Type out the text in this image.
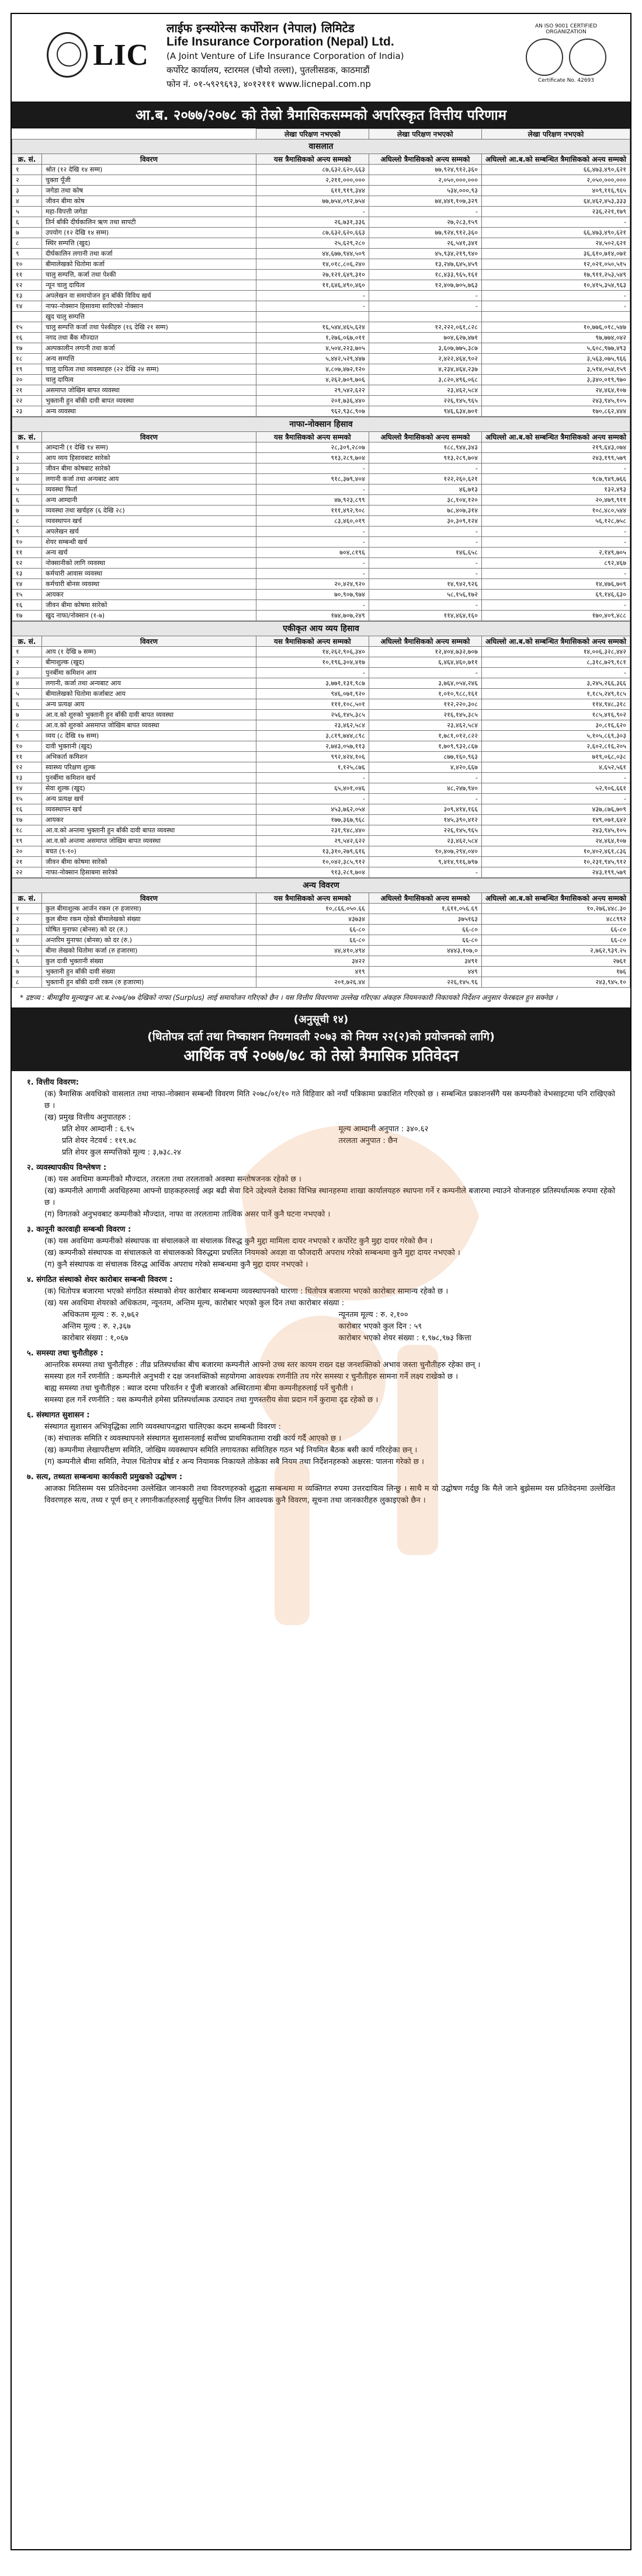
LIC
लाईफ इन्स्योरेन्स कर्पोरेशन (नेपाल) लिमिटेड
Life Insurance Corporation (Nepal) Ltd.
(A Joint Venture of Life Insurance Corporation of India)
कर्पोरेट कार्यालय, स्टारमल (चौथो तल्ला), पुतलीसडक, काठमाडौं
फोन नं. ०१-५९२९६९३, ४०१२१११ www.licnepal.com.np
AN ISO 9001 CERTIFIED ORGANIZATION

Certificate No. 42693
आ.ब. २०७७/२०७८ को तेस्रो त्रैमासिकसम्मको अपरिस्कृत वित्तीय परिणाम
		लेखा परिक्षण नभएको	लेखा परिक्षण नभएको	लेखा परिक्षण नभएको
वासलात				
क्र. सं.	विवरण	यस त्रैमासिकको अन्त्य सम्मको	अघिल्लो त्रैमासिकको अन्त्य सम्मको	अघिल्लो आ.ब.को सम्बन्धित त्रैमासिकको अन्त्य सम्मको
१	श्रोत (१२ देखि १४ सम्म)	८७,६३२,६२०,६६३	७७,९२४,९१२,३६०	६६,४७३,४९०,६२१
२	चुक्ता पूँजी	२,२११,०००,०००	२,०५०,०००,०००	२,०५०,०००,०००
३	जगेडा तथा कोष	६११,९१९,३४४	५३४,०००,९३	४०९,११६,९६५
४	जीवन बीमा कोष	७७,७५४,०९२,७५४	७४,४४१,१०७,३२९	६४,४६२,४५३,३३३
५	महा-विपत्ती जगेडा	-	-	२३६,२२१,१७९
६	तिर्न बाँकी दीर्घकालिन ऋण तथा सापटी	२६,७३१,३३६	२७,२८३,१५९	-
७	उपयोग (१२ देखि १४ सम्म)	८७,६३२,६२०,६६३	७७,९२४,९१२,३६०	६६,४७३,४९०,६२१
८	स्थिर सम्पत्ति (खुद)	२५,६२९,२८०	२६,५४१,३४१	२४,५०२,६२१
९	दीर्घकालिन लगानी तथा कर्जा	४४,६७७,९४४,५०९	४५,९३४,२१९,९४०	३६,६१०,७१४,०७१
१०	बीमालेखको धितोमा कर्जा	१४,०१८,८०६,२४०	१३,२४७,६४५,४५९	१२,०२१,०५०,५१५
११	चालु सम्पत्ति, कर्जा तथा पेश्की	२७,१२१,६४९,३१०	१८,४३३,९६५,१६१	१७,९११,२५३,५४९
१२	न्यून चालु दायित्व	११,६४६,४९०,४६०	१२,४०७,७०५,७६३	१०,४१५,३५४,९६३
१३	अपलेखन वा समायोजन हुन बाँकी विविध खर्च	-	-	-
१४	नाफा-नोक्सान हिसावमा सारिएको नोक्सान	-	-	-
	खुद चालु सम्पत्ति			
१५	चालु सम्पत्ति कर्जा तथा पेश्कीहरु (१६ देखि २१ सम्म)	१६,५४४,४६५,६२४	१२,२२२,०६१,८२८	१०,७७६,०१८,५४७
१६	नगद तथा बैंक मौज्दात	१,२७६,०६७,०११	७०४,६२७,४७१	९७,७७४,०४२
१७	अल्पकालीन लगानी तथा कर्जा	४,५०४,२२३,७०५	३,६०७,७७५,३८७	५,६०८,९७७,४९३
१८	अन्य सम्पत्ति	५,४४२,५२९,४४७	२,४२२,४६४,९०२	३,५६३,०७५,९६६
१९	चालु दायित्व तथा व्यवस्थाहरु (२२ देखि २४ सम्म)	४,८०७,४७२,१२०	४,२३४,४६४,२३७	३,५१४,०५४,१५९
२०	चालु दायित्व	४,२६२,७०९,७०६	३,८२०,४९६,०६८	३,३४०,०१९,९७०
२१	असमाप्त जोखिम बापत व्यवस्था	२९,५४२,६२२	२३,४६२,५८४	२४,४६४,१०७
२२	भुक्तानी हुन बाँकी दावी बापत व्यवस्था	२०१,७३६,४४०	२२६,१४५,९६५	२४३,९४५,१०५
२३	अन्य व्यवस्था	९६२,९३८,९०७	९४६,६३४,७०१	१७०,८६२,४४४
नाफा-नोक्सान हिसाव				
क्र. सं.	विवरण	यस त्रैमासिकको अन्त्य सम्मको	अघिल्लो त्रैमासिकको अन्त्य सम्मको	अघिल्लो आ.ब.को सम्बन्धित त्रैमासिकको अन्त्य सम्मको
१	आम्दानी (१ देखि १४ सम्म)	२८,३०९,२८०७	१८८,९४४,३४३	२१९,६४३,०७४
२	आय व्यय हिसावबाट सारेको	९१३,२८९,७०४	९१३,२८९,७०४	२४३,१९९,५७९
३	जीवन बीमा कोषबाट सारेको	-	-	-
४	लगानी कर्जा तथा अन्यबाट आय	९१८,३७९,४०४	१२२,२६०,६२१	९८७,९४९,७६६
५	व्यवस्था फिर्ता	-	४६,७१३	१३२,४९३
६	अन्य आम्दानी	४७,९२३,८९९	३८,१०४,१२०	२०,४७९,९११
७	व्यवस्था तथा खर्चहरु (६ देखि २८)	१११,४९२,९०८	७८,४०७,३१४	१०८,४८०,५४४
८	व्यवस्थापन खर्च	८३,४६०,०१९	३०,३०९,१२४	५६,१२८,७५८
९	अपलेखन खर्च	-	-	-
१०	शेयर सम्बन्धी खर्च	-	-	-
११	अन्य खर्च	७०४,८१९६	१४६,६५८	२,१४९,७०५
१२	नोक्सानीको लागि व्यवस्था	-	-	८९२,४६७
१३	कर्मचारी आवास व्यवस्था	-	-	-
१४	कर्मचारी बोनस व्यवस्था	२०,४२४,९२०	१४,९४२,९२६	१४,४७६,७०९
१५	आयकर	७०,९०७,९७४	५८,१५६,१७२	६९,१४६,६३०
१६	जीवन बीमा कोषमा सारेको	-	-	-
१७	खुद नाफा/नोक्सान (१-७)	१७४,७०७,२४९	११४,४६४,१६०	१७०,४०९,४८८
एकीकृत आय व्यय हिसाव				
क्र. सं.	विवरण	यस त्रैमासिकको अन्त्य सम्मको	अघिल्लो त्रैमासिकको अन्त्य सम्मको	अघिल्लो आ.ब.को सम्बन्धित त्रैमासिकको अन्त्य सम्मको
१	आय (१ देखि ७ सम्म)	१४,२६२,९०६,३४०	१२,४०४,७३२,७०७	१४,००६,३२८,४४२
२	बीमाशुल्क (खुद)	१०,१९६,३०४,४१७	६,४६४,४६०,७११	८,३१८,७२९,१८१
३	पुनर्बीमा कमिशन आय	-	-	-
४	लगानी, कर्जा तथा अन्यबाट आय	३,७७१,१३१,९८७	३,७६४,०५४,२४६	३,२४५,२६६,३६६
५	बीमालेखको धितोमा कर्जाबाट आय	९४६,०७१,९२०	१,०१०,९८८,१६१	१,१८५,२४९,१८५
६	अन्य प्रत्यक्ष आय	१११,१०८,५०१	११२,२२०,३०८	११४,९४८,३१८
७	आ.व.को शुरुको भुक्तानी हुन बाँकी दावी बापत व्यवस्था	२५६,१४५,३८५	२१६,१४५,३८५	१८५,४१६,९०२
८	आ.व.को शुरुको असमाप्त जोखिम बापत व्यवस्था	२३,४६२,५८४	२३,४६२,५८४	३०,८१६,६२०
९	व्यय (८ देखि १७ सम्म)	३,८१९,७४४,८९८	१,७८१,०१२,८२२	५,१०५,८६९,३०३
१०	दावी भुक्तानी (खुद)	२,७४३,०५७,११३	१,७०९,९३२,८६७	२,६०२,८१६,२०५
११	अभिकर्ता कमिशन	९९२,४२४,१०६	८७७,१६०,९६३	७१९,०६८,०३८
१२	स्वास्थ्य परिक्षण शुल्क	१,१२५,८७६	४,४२०,६६७	४,६५२,५६१
१३	पुनर्बीमा कमिशन खर्च	-	-	-
१४	सेवा शुल्क (खुद)	६५,४०१,०४६	४८,२४७,९४०	५२,९०६,६६१
१५	अन्य प्रत्यक्ष खर्च	-	-	-
१६	व्यवस्थापन खर्च	४५३,७६२,०५४	३०९,४१४,१६६	४३७,८७६,७०९
१७	आयकर	१७७,३६७,९६८	१४५,३९०,४१२	१४९,०७१,६४२
१८	आ.व.को अन्तमा भुक्तानी हुन बाँकी दावी बापत व्यवस्था	२३१,९४८,४४०	२२६,१४५,९६५	२४३,९४५,१०५
१९	आ.व.को अन्तमा असमाप्त जोखिम बापत व्यवस्था	२९,५४२,६२२	२३,४६२,५८४	२४,४६४,१०७
२०	बचत (९-१०)	१३,३१०,२७९,६१६	१०,४०७,२९४,०४०	१०,४०२,४६१,८३६
२१	जीवन बीमा कोषमा सारेको	१०,०४२,३८५,९१२	९,४१४,९१६,७९७	१०,२३१,९४५,९१२
२२	नाफा-नोक्सान हिसाबमा सारेको	९१३,२८९,७०४	-	२४३,१९९,५७९
अन्य विवरण				
क्र. सं.	विवरण	यस त्रैमासिकको अन्त्य सम्मको	अघिल्लो त्रैमासिकको अन्त्य सम्मको	अघिल्लो आ.ब.को सम्बन्धित त्रैमासिकको अन्त्य सम्मको
१	कुल बीमाशुल्क आर्जन रकम (रु हजारमा)	१०,८६६,०५०.६६	१,६११,०५६.६९	१०,२७६,४४८.३०
२	कुल बीमा रकम रहेको बीमालेखको संख्या	४३७३४	३७५१६३	४८८९९२
३	घोषित मुनाफा (बोनस) को दर (रु.)	६६-८०	६६-८०	६६-८०
४	अन्तरिम मुनाफा (बोनस) को दर (रु.)	६६-८०	६६-८०	६६-८०
५	बीमा लेखको धितोमा कर्जा (रु हजारमा)	४४,४१०,४९४	४४४३,१०७,०	२,७६२,९३९.२५
६	कुल दावी भुक्तानी संख्या	३४२२	३४९१	२७६१
७	भुक्तानी हुन बाँकी दावी संख्या	४१९	४४९	१७६
८	भुक्तानी हुन बाँकी दावी रकम (रु हजारमा)	२०१,७२६.४४	२२६,१४५.९६	२४३,९४५.१०
* द्रष्टव्य : बीमाङ्कीय मूल्याङ्कन आ.ब.२०७६/७७ देखिको नाफा (Surplus) लाई समायोजन गरिएको छैन । यस वित्तीय विवरणमा उल्लेख गरिएका अंकहरु नियमनकारी निकायको निर्देशन अनुसार फेरबदल हुन सक्नेछ ।
(अनुसूची १४)
(धितोपत्र दर्ता तथा निष्काशन नियमावली २०७३ को नियम २२(२)को प्रयोजनको लागि)
आर्थिक वर्ष २०७७/७८ को तेस्रो त्रैमासिक प्रतिवेदन
१. वित्तीय विवरण:
(क) त्रैमासिक अवधिको वासलात तथा नाफा-नोक्सान सम्बन्धी विवरण मिति २०७८/०१/१० गते विहिवार को नयाँ पत्रिकामा प्रकाशित गरिएको छ । सम्बन्धित प्रकाशनसँगै यस कम्पनीको वेभसाइटमा पनि राखिएको छ ।
(ख) प्रमुख वित्तीय अनुपातहरु :
प्रति शेयर आम्दानी : ६.९५	मूल्य आम्दानी अनुपात : ३४०.६२
प्रति शेयर नेटवर्थ : ११९.७८	तरलता अनुपात : छैन
प्रति शेयर कुल सम्पत्तिको मूल्य : ३,७३८.२४
२. व्यवस्थापकीय विश्लेषण :
(क) यस अवधिमा कम्पनीको मौज्दात, तरलता तथा तरलताको अवस्था सन्तोषजनक रहेको छ ।
(ख) कम्पनीले आगामी अवधिहरुमा आफ्नो ग्राहकहरुलाई अझ बढी सेवा दिने उद्देश्यले देशका विभिन्न स्थानहरुमा शाखा कार्यालयहरु स्थापना गर्ने र कम्पनीले बजारमा ल्याउने योजनाहरु प्रतिस्पर्धात्मक रुपमा रहेको छ ।
(ग) विगतको अनुभवबाट कम्पनीको मौज्दात, नाफा वा तरलतामा तात्विक असर पार्ने कुनै घटना नभएको ।
३. कानूनी कारवाही सम्बन्धी विवरण :
(क) यस अवधिमा कम्पनीको संस्थापक वा संचालकले वा संचालक विरुद्ध कुनै मुद्दा मामिला दायर नभएको र कर्पोरेट कुनै मुद्दा दायर गरेको छैन ।
(ख) कम्पनीको संस्थापक वा संचालकले वा संचालकको विरुद्धमा प्रचलित नियमको अवज्ञा वा फौजदारी अपराध गरेको सम्बन्धमा कुनै मुद्दा दायर नभएको ।
(ग) कुनै संस्थापक वा संचालक विरुद्ध आर्थिक अपराध गरेको सम्बन्धमा कुनै मुद्दा दायर नभएको ।
४. संगठित संस्थाको शेयर कारोबार सम्बन्धी विवरण :
(क) धितोपत्र बजारमा भएको संगठित संस्थाको शेयर कारोबार सम्बन्धमा व्यवस्थापनको धारणा : धितोपत्र बजारमा भएको कारोबार सामान्य रहेको छ ।
(ख) यस अवधिमा शेयरको अधिकतम, न्यूनतम, अन्तिम मूल्य, कारोबार भएको कुल दिन तथा कारोबार संख्या :
अधिकतम मूल्य : रु. २,७६२	न्यूनतम मूल्य : रु. २,१००
अन्तिम मूल्य : रु. २,३६७	कारोबार भएको कुल दिन : ५९
कारोबार संख्या : १,०६७	कारोबार भएको शेयर संख्या : १,९७८,९७३ कित्ता
५. समस्या तथा चुनौतीहरु :
आन्तरिक समस्या तथा चुनौतीहरु : तीव्र प्रतिस्पर्धाका बीच बजारमा कम्पनीले आफ्नो उच्च स्तर कायम राख्न दक्ष जनशक्तिको अभाव जस्ता चुनौतीहरु रहेका छन् ।
समस्या हल गर्ने रणनीति : कम्पनीले अनुभवी र दक्ष जनशक्तिको सहयोगमा आवश्यक रणनीति तय गरेर समस्या र चुनौतीहरु सामना गर्ने लक्ष्य राखेको छ ।
बाह्य समस्या तथा चुनौतीहरु : ब्याज दरमा परिवर्तन र पुँजी बजारको अस्थिरतामा बीमा कम्पनीहरुलाई पर्ने चुनौती ।
समस्या हल गर्ने रणनीति : यस कम्पनीले हमेसा प्रतिस्पर्धात्मक उत्पादन तथा गुणस्तरीय सेवा प्रदान गर्ने कुरामा दृढ रहेको छ ।
६. संस्थागत सुशासन :
संस्थागत सुशासन अभिवृद्धिका लागि व्यवस्थापनद्वारा चालिएका कदम सम्बन्धी विवरण :
(क) संचालक समिति र व्यवस्थापनले संस्थागत सुशासनलाई सर्वोच्च प्राथमिकतामा राखी कार्य गर्दै आएको छ ।
(ख) कम्पनीमा लेखापरीक्षण समिति, जोखिम व्यवस्थापन समिति लगायतका समितिहरु गठन भई नियमित बैठक बसी कार्य गरिरहेका छन् ।
(ग) कम्पनीले बीमा समिति, नेपाल धितोपत्र बोर्ड र अन्य नियामक निकायले तोकेका सबै नियम तथा निर्देशनहरुको अक्षरस: पालना गरेको छ ।
७. सत्य, तथ्यता सम्बन्धमा कार्यकारी प्रमुखको उद्घोषण :
आजका मितिसम्म यस प्रतिवेदनमा उल्लेखित जानकारी तथा विवरणहरुको शुद्धता सम्बन्धमा म व्यक्तिगत रुपमा उत्तरदायित्व लिन्छु । साथै म यो उद्घोषण गर्दछु कि मैले जाने बुझेसम्म यस प्रतिवेदनमा उल्लेखित विवरणहरु सत्य, तथ्य र पूर्ण छन् र लगानीकर्ताहरुलाई सुसूचित निर्णय लिन आवश्यक कुनै विवरण, सूचना तथा जानकारीहरु लुकाइएको छैन ।
